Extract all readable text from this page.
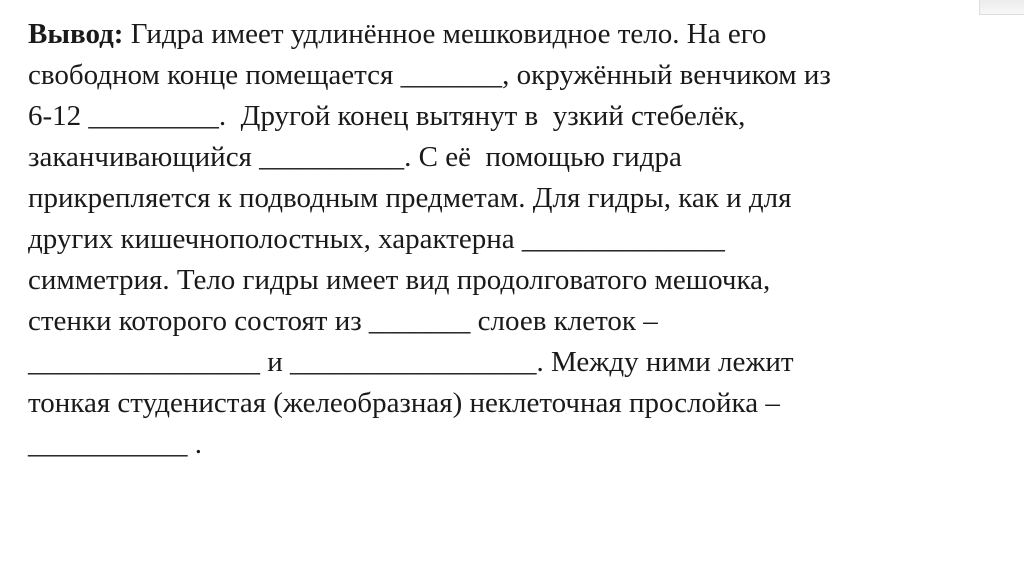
Вывод: Гидра имеет удлинённое мешковидное тело. На его
свободном конце помещается _______, окружённый венчиком из
6-12 _________.  Другой конец вытянут в  узкий стебелёк,
заканчивающийся __________. С её  помощью гидра
прикрепляется к подводным предметам. Для гидры, как и для
других кишечнополостных, характерна ______________
симметрия. Тело гидры имеет вид продолговатого мешочка,
стенки которого состоят из _______ слоев клеток –
________________ и _________________. Между ними лежит
тонкая студенистая (желеобразная) неклеточная прослойка –
___________ .
